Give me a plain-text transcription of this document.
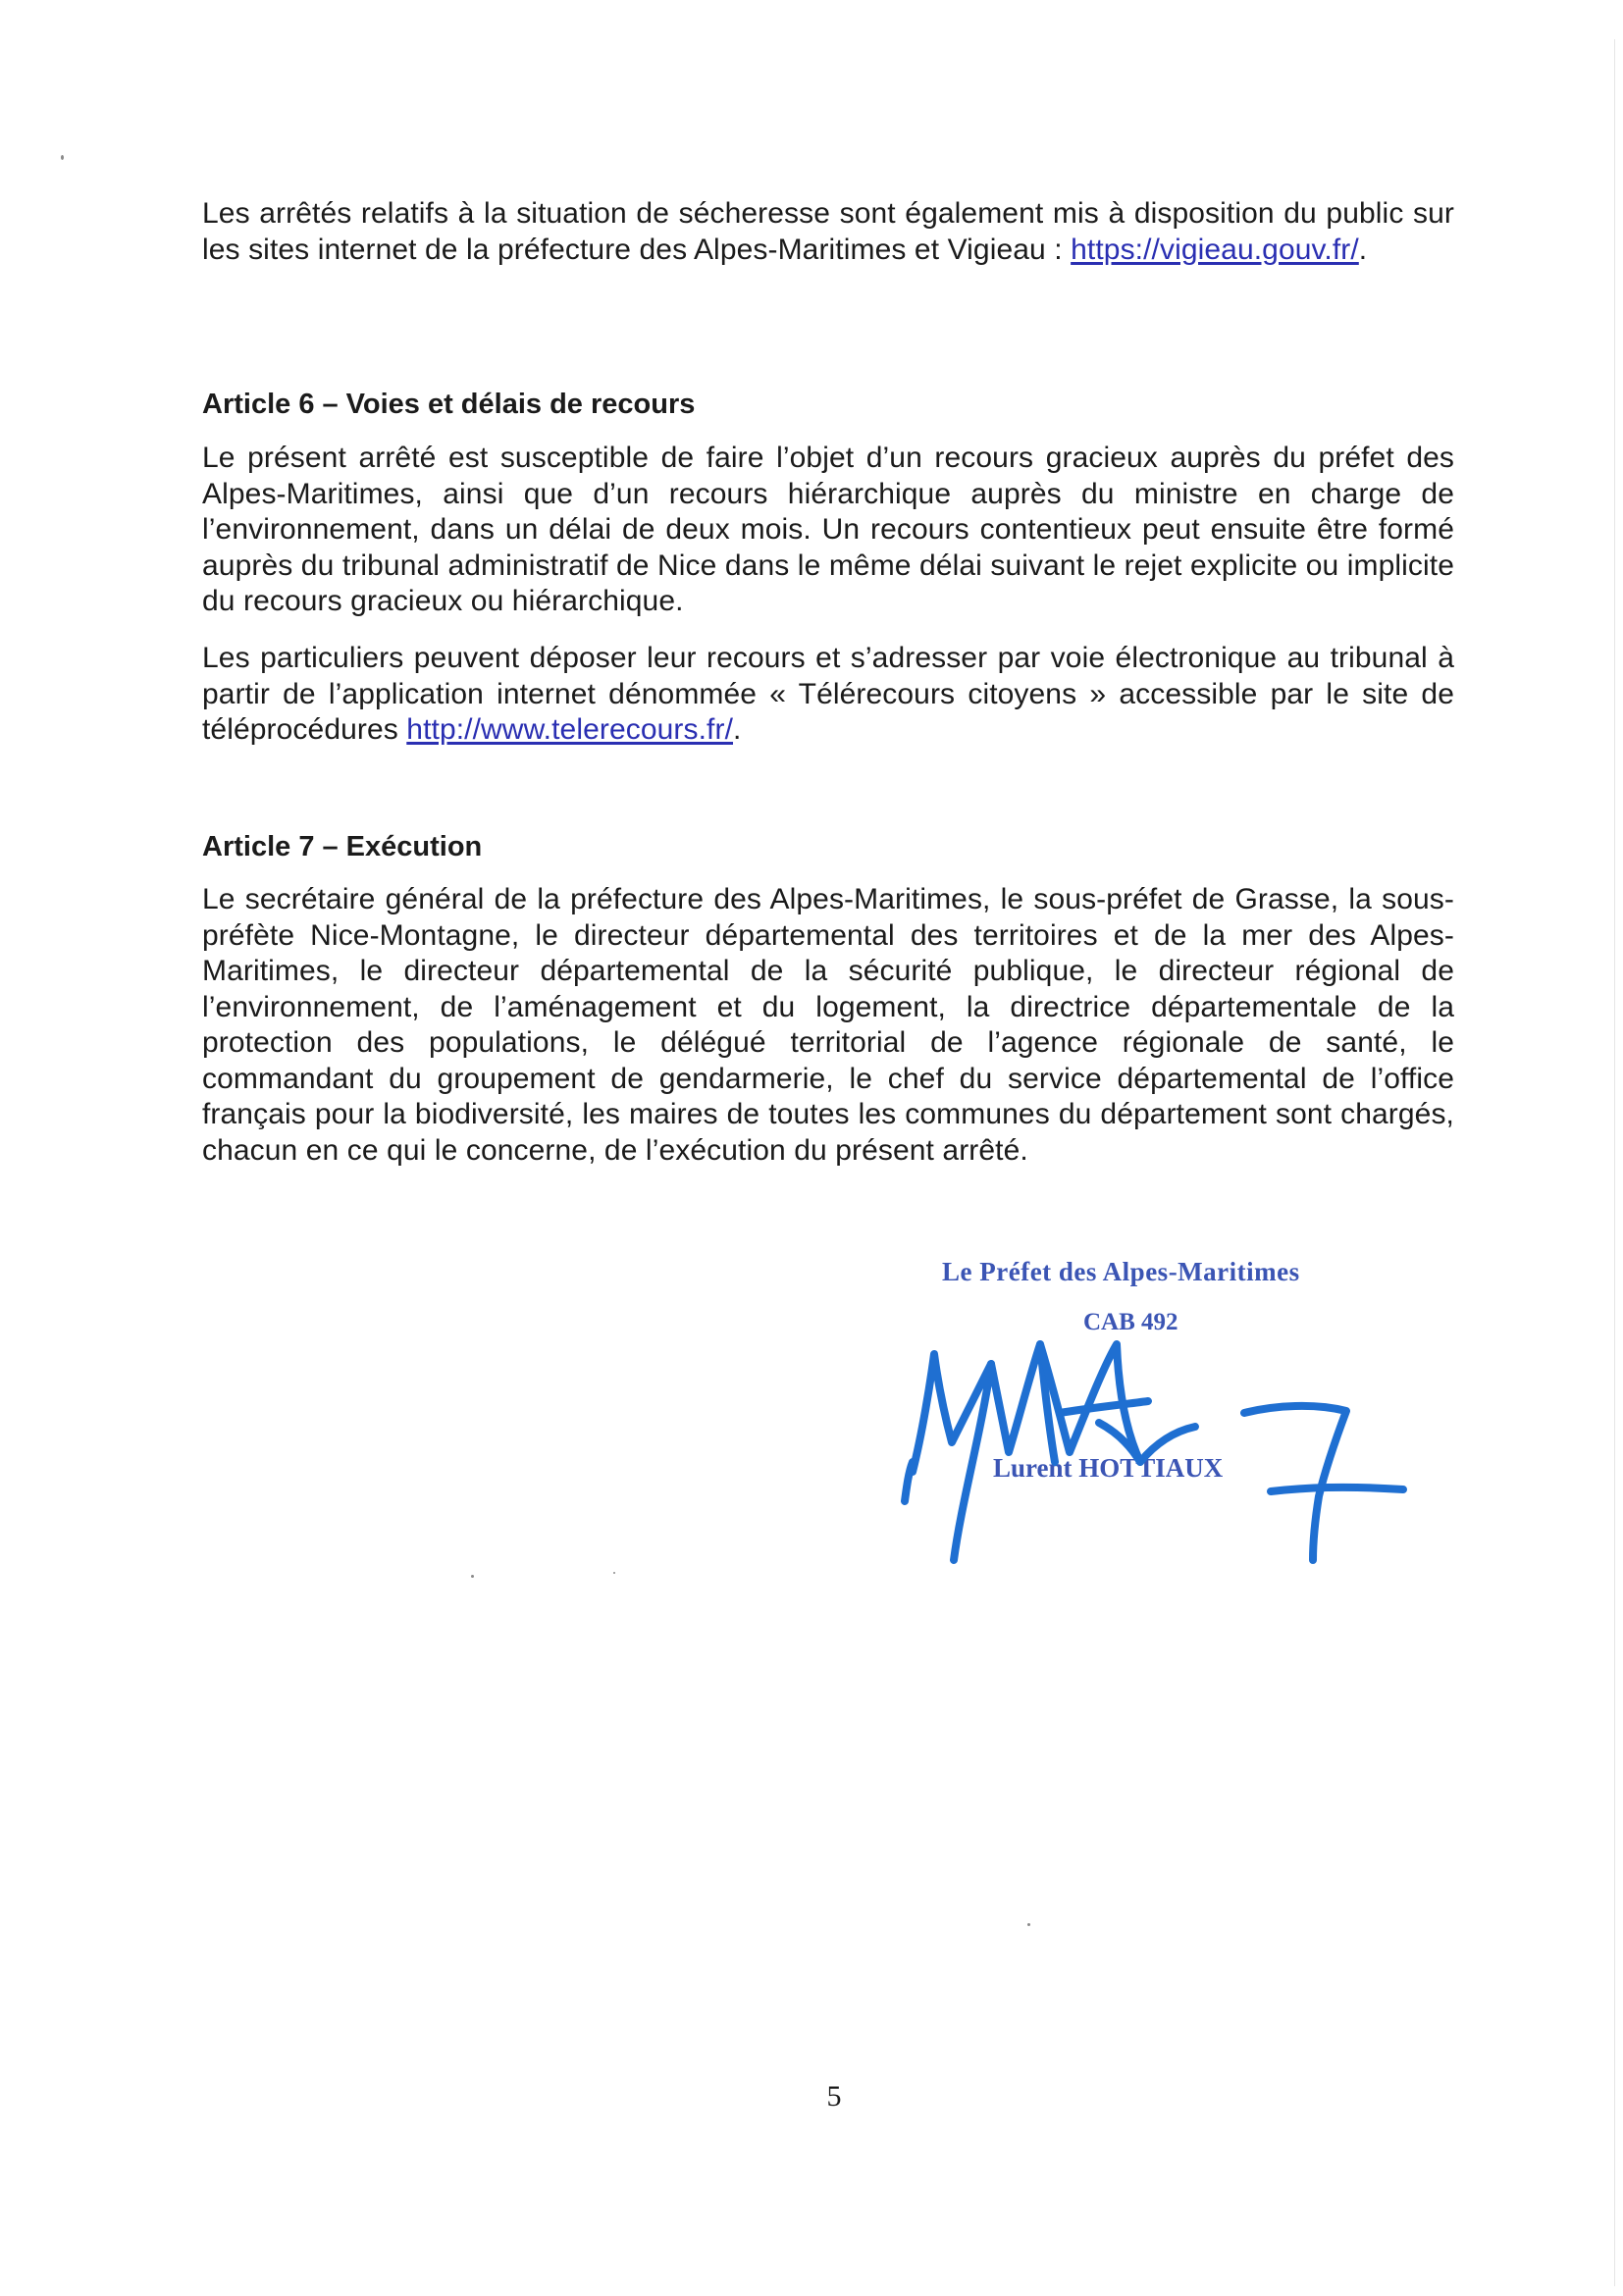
Les arrêtés relatifs à la situation de sécheresse sont également mis à disposition du public sur les sites internet de la préfecture des Alpes-Maritimes et Vigieau : https://vigieau.gouv.fr/.

Article 6 – Voies et délais de recours

Le présent arrêté est susceptible de faire l’objet d’un recours gracieux auprès du préfet des Alpes-Maritimes, ainsi que d’un recours hiérarchique auprès du ministre en charge de l’environnement, dans un délai de deux mois. Un recours contentieux peut ensuite être formé auprès du tribunal administratif de Nice dans le même délai suivant le rejet explicite ou implicite du recours gracieux ou hiérarchique.

Les particuliers peuvent déposer leur recours et s’adresser par voie électronique au tribunal à partir de l’application internet dénommée « Télérecours citoyens » accessible par le site de téléprocédures http://www.telerecours.fr/.

Article 7 – Exécution

Le secrétaire général de la préfecture des Alpes-Maritimes, le sous-préfet de Grasse, la sous-préfète Nice-Montagne, le directeur départemental des territoires et de la mer des Alpes-Maritimes, le directeur départemental de la sécurité publique, le directeur régional de l’environnement, de l’aménagement et du logement, la directrice départementale de la protection des populations, le délégué territorial de l’agence régionale de santé, le commandant du groupement de gendarmerie, le chef du service départemental de l’office français pour la biodiversité, les maires de toutes les communes du département sont chargés, chacun en ce qui le concerne, de l’exécution du présent arrêté.

Le Préfet des Alpes-Maritimes
CAB 492
Lurent HOTTIAUX
5
